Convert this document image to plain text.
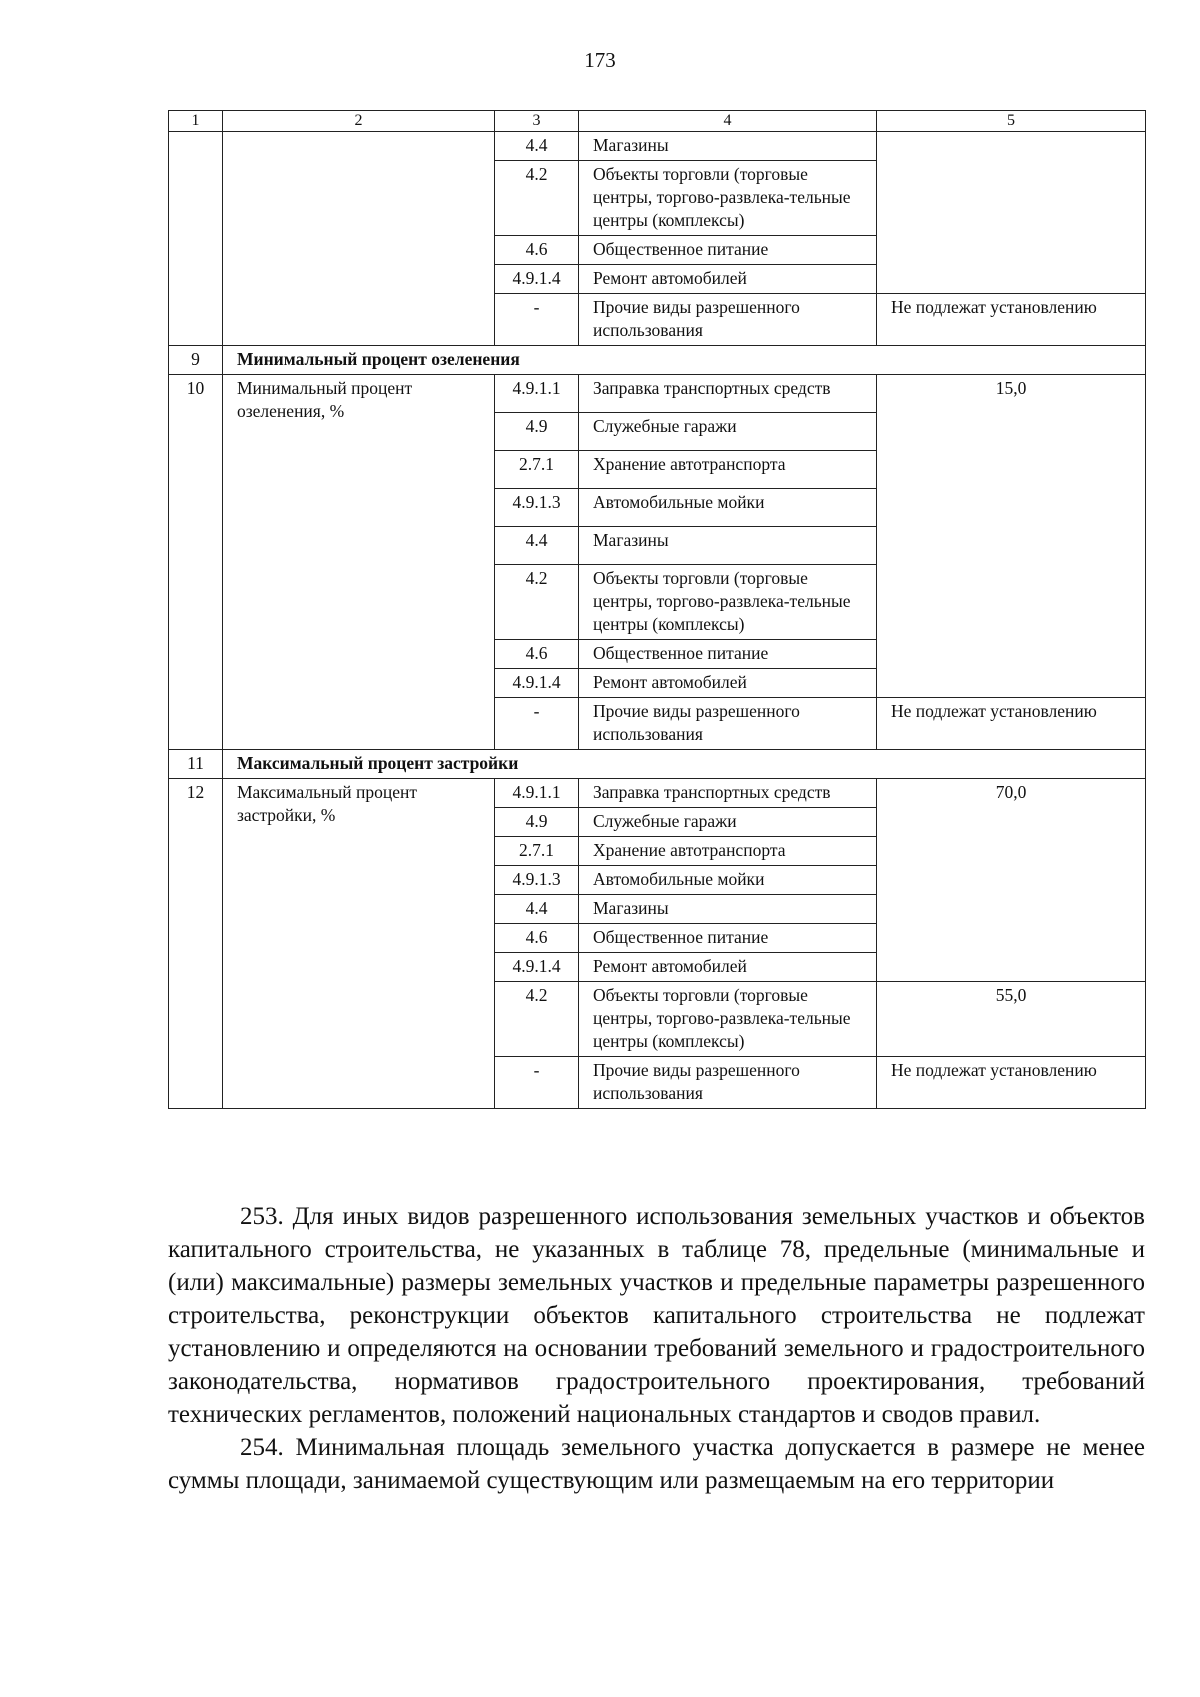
173
1	2	3	4	5
		4.4	Магазины	
		4.2	Объекты торговли (торговые центры, торгово-развлека-тельные центры (комплексы)	
		4.6	Общественное питание	
		4.9.1.4	Ремонт автомобилей	
		-	Прочие виды разрешенного использования	Не подлежат установлению
9	Минимальный процент озеленения			
10	Минимальный процент озеленения, %	4.9.1.1	Заправка транспортных средств	15,0
		4.9	Служебные гаражи	
		2.7.1	Хранение автотранспорта	
		4.9.1.3	Автомобильные мойки	
		4.4	Магазины	
		4.2	Объекты торговли (торговые центры, торгово-развлека-тельные центры (комплексы)	
		4.6	Общественное питание	
		4.9.1.4	Ремонт автомобилей	
		-	Прочие виды разрешенного использования	Не подлежат установлению
11	Максимальный процент застройки			
12	Максимальный процент застройки, %	4.9.1.1	Заправка транспортных средств	70,0
		4.9	Служебные гаражи	
		2.7.1	Хранение автотранспорта	
		4.9.1.3	Автомобильные мойки	
		4.4	Магазины	
		4.6	Общественное питание	
		4.9.1.4	Ремонт автомобилей	
		4.2	Объекты торговли (торговые центры, торгово-развлека-тельные центры (комплексы)	55,0
		-	Прочие виды разрешенного использования	Не подлежат установлению

253. Для иных видов разрешенного использования земельных участков и объектов капитального строительства, не указанных в таблице 78, предельные (минимальные и (или) максимальные) размеры земельных участков и предельные параметры разрешенного строительства, реконструкции объектов капитального строительства не подлежат установлению и определяются на основании требований земельного и градостроительного законодательства, нормативов градостроительного проектирования, требований технических регламентов, положений национальных стандартов и сводов правил.

254. Минимальная площадь земельного участка допускается в размере не менее суммы площади, занимаемой существующим или размещаемым на его территории
